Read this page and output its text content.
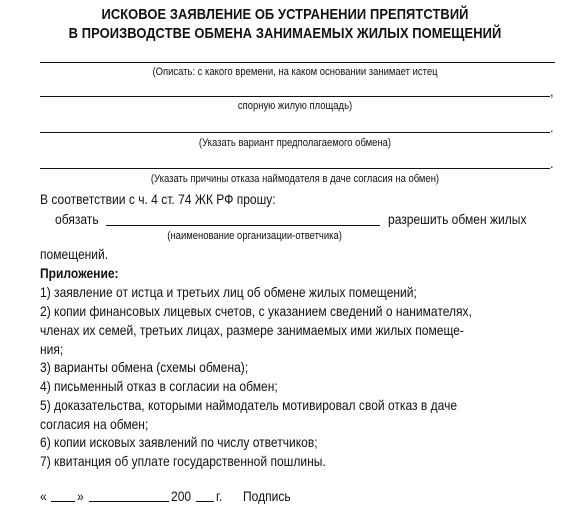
ИСКОВОЕ ЗАЯВЛЕНИЕ ОБ УСТРАНЕНИИ ПРЕПЯТСТВИЙ
В ПРОИЗВОДСТВЕ ОБМЕНА ЗАНИМАЕМЫХ ЖИЛЫХ ПОМЕЩЕНИЙ
(Описать: с какого времени, на каком основании занимает истец
,
спорную жилую площадь)
.
(Указать вариант предполагаемого обмена)
.
(Указать причины отказа наймодателя в даче согласия на обмен)
В соответствии с ч. 4 ст. 74 ЖК РФ прошу:
обязать	разрешить обмен жилых
(наименование организации-ответчика)
помещений.
Приложение:
1) заявление от истца и третьих лиц об обмене жилых помещений;
2) копии финансовых лицевых счетов, с указанием сведений о нанимателях,
членах их семей, третьих лицах, размере занимаемых ими жилых помеще-
ния;
3) варианты обмена (схемы обмена);
4) письменный отказ в согласии на обмен;
5) доказательства, которыми наймодатель мотивировал свой отказ в даче
согласия на обмен;
6) копии исковых заявлений по числу ответчиков;
7) квитанция об уплате государственной пошлины.
« »	200 г. Подпись
